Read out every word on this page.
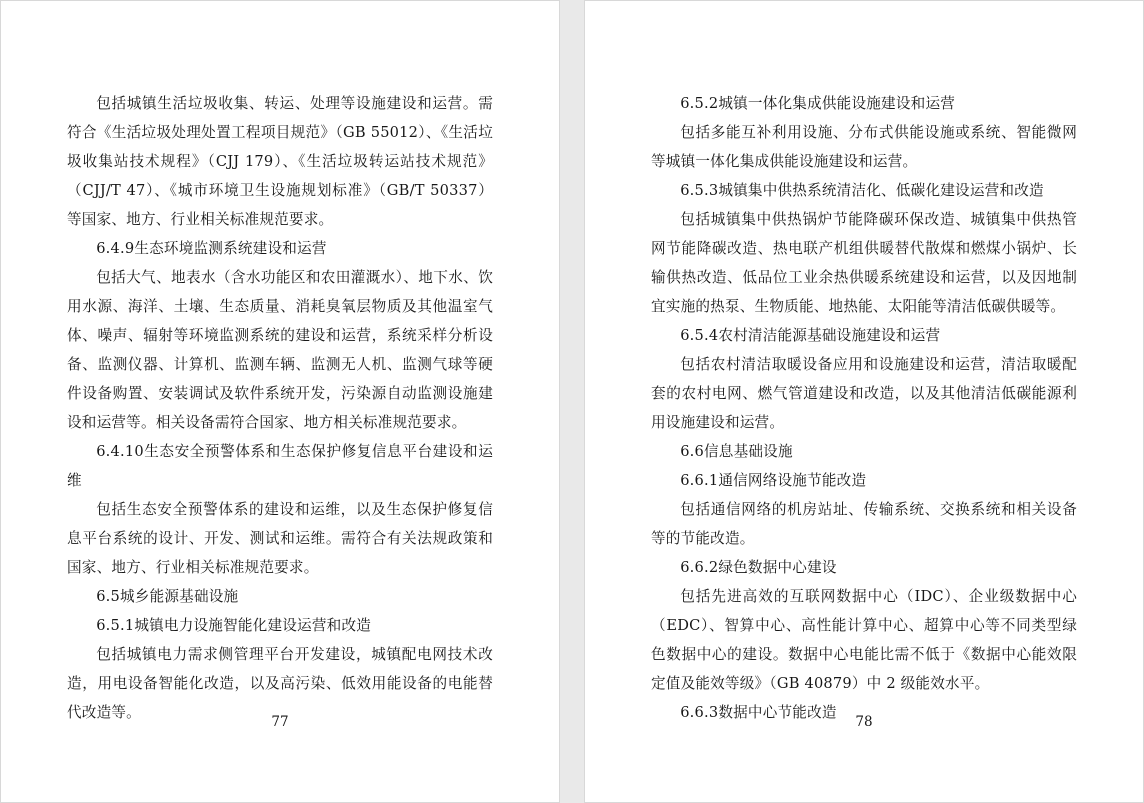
包括城镇生活垃圾收集、转运、处理等设施建设和运营。需符合《生活垃圾处理处置工程项目规范》（GB 55012）、《生活垃圾收集站技术规程》（CJJ 179）、《生活垃圾转运站技术规范》（CJJ/T 47）、《城市环境卫生设施规划标准》（GB/T 50337）等国家、地方、行业相关标准规范要求。

6.4.9生态环境监测系统建设和运营

包括大气、地表水（含水功能区和农田灌溉水）、地下水、饮用水源、海洋、土壤、生态质量、消耗臭氧层物质及其他温室气体、噪声、辐射等环境监测系统的建设和运营，系统采样分析设备、监测仪器、计算机、监测车辆、监测无人机、监测气球等硬件设备购置、安装调试及软件系统开发，污染源自动监测设施建设和运营等。相关设备需符合国家、地方相关标准规范要求。

6.4.10生态安全预警体系和生态保护修复信息平台建设和运维

包括生态安全预警体系的建设和运维，以及生态保护修复信息平台系统的设计、开发、测试和运维。需符合有关法规政策和国家、地方、行业相关标准规范要求。

6.5城乡能源基础设施

6.5.1城镇电力设施智能化建设运营和改造

包括城镇电力需求侧管理平台开发建设，城镇配电网技术改造，用电设备智能化改造，以及高污染、低效用能设备的电能替代改造等。

77

6.5.2城镇一体化集成供能设施建设和运营

包括多能互补利用设施、分布式供能设施或系统、智能微网等城镇一体化集成供能设施建设和运营。

6.5.3城镇集中供热系统清洁化、低碳化建设运营和改造

包括城镇集中供热锅炉节能降碳环保改造、城镇集中供热管网节能降碳改造、热电联产机组供暖替代散煤和燃煤小锅炉、长输供热改造、低品位工业余热供暖系统建设和运营，以及因地制宜实施的热泵、生物质能、地热能、太阳能等清洁低碳供暖等。

6.5.4农村清洁能源基础设施建设和运营

包括农村清洁取暖设备应用和设施建设和运营，清洁取暖配套的农村电网、燃气管道建设和改造，以及其他清洁低碳能源利用设施建设和运营。

6.6信息基础设施

6.6.1通信网络设施节能改造

包括通信网络的机房站址、传输系统、交换系统和相关设备等的节能改造。

6.6.2绿色数据中心建设

包括先进高效的互联网数据中心（IDC）、企业级数据中心（EDC）、智算中心、高性能计算中心、超算中心等不同类型绿色数据中心的建设。数据中心电能比需不低于《数据中心能效限定值及能效等级》（GB 40879）中 2 级能效水平。

6.6.3数据中心节能改造

78
